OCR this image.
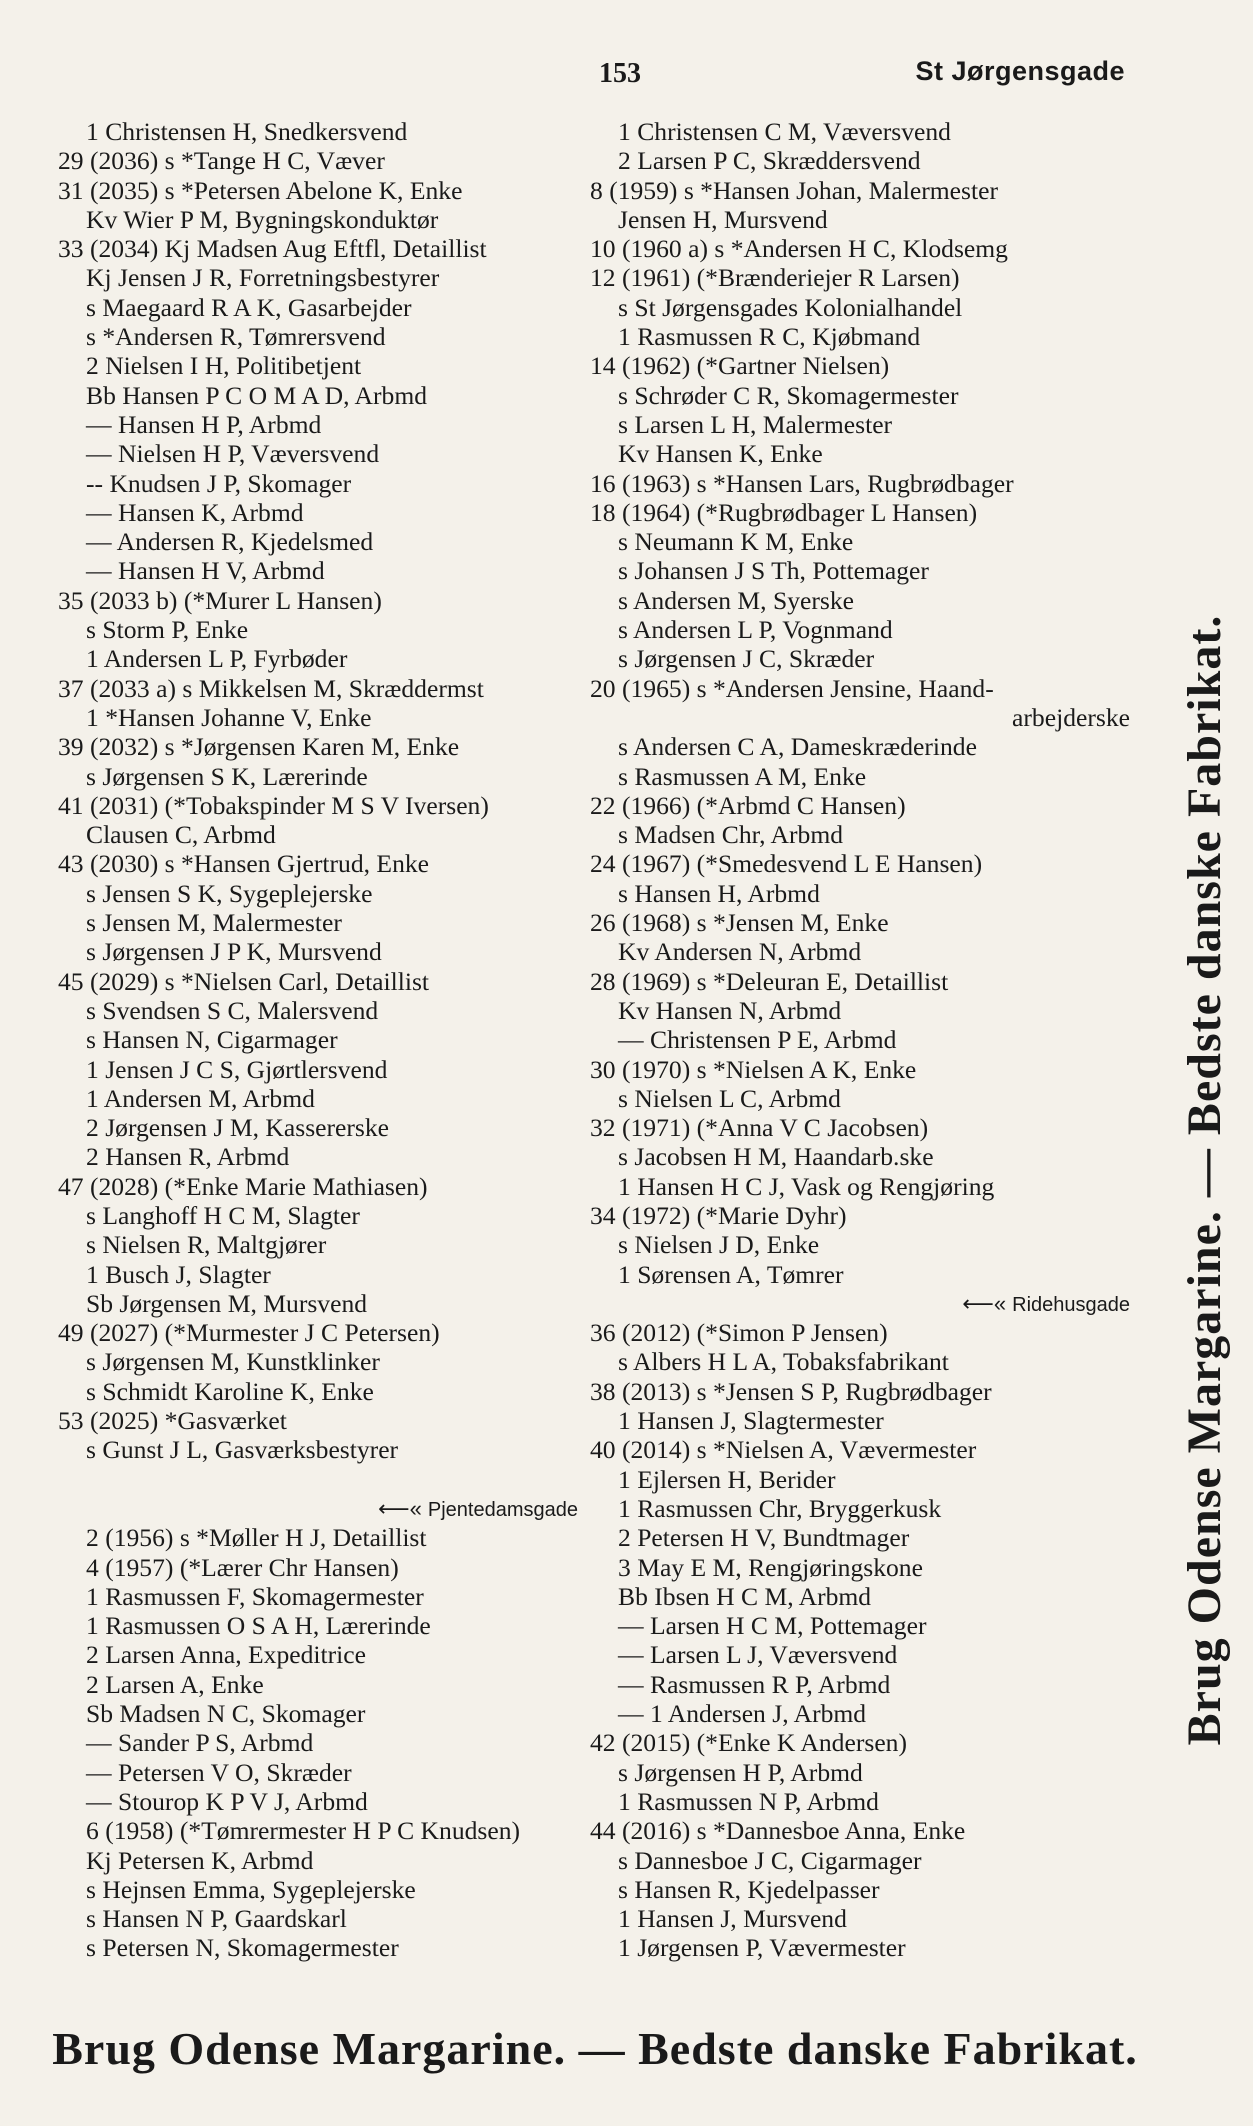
153	St Jørgensgade
1 Christensen H, Snedkersvend
29 (2036) s *Tange H C, Væver
31 (2035) s *Petersen Abelone K, Enke
Kv Wier P M, Bygningskonduktør
33 (2034) Kj Madsen Aug Eftfl, Detaillist
Kj Jensen J R, Forretningsbestyrer
s Maegaard R A K, Gasarbejder
s *Andersen R, Tømrersvend
2 Nielsen I H, Politibetjent
Bb Hansen P C O M A D, Arbmd
— Hansen H P, Arbmd
— Nielsen H P, Væversvend
-- Knudsen J P, Skomager
— Hansen K, Arbmd
— Andersen R, Kjedelsmed
— Hansen H V, Arbmd
35 (2033 b) (*Murer L Hansen)
s Storm P, Enke
1 Andersen L P, Fyrbøder
37 (2033 a) s Mikkelsen M, Skræddermst
1 *Hansen Johanne V, Enke
39 (2032) s *Jørgensen Karen M, Enke
s Jørgensen S K, Lærerinde
41 (2031) (*Tobakspinder M S V Iversen)
Clausen C, Arbmd
43 (2030) s *Hansen Gjertrud, Enke
s Jensen S K, Sygeplejerske
s Jensen M, Malermester
s Jørgensen J P K, Mursvend
45 (2029) s *Nielsen Carl, Detaillist
s Svendsen S C, Malersvend
s Hansen N, Cigarmager
1 Jensen J C S, Gjørtlersvend
1 Andersen M, Arbmd
2 Jørgensen J M, Kassererske
2 Hansen R, Arbmd
47 (2028) (*Enke Marie Mathiasen)
s Langhoff H C M, Slagter
s Nielsen R, Maltgjører
1 Busch J, Slagter
Sb Jørgensen M, Mursvend
49 (2027) (*Murmester J C Petersen)
s Jørgensen M, Kunstklinker
s Schmidt Karoline K, Enke
53 (2025) *Gasværket
s Gunst J L, Gasværksbestyrer
⟵« Pjentedamsgade
2 (1956) s *Møller H J, Detaillist
4 (1957) (*Lærer Chr Hansen)
1 Rasmussen F, Skomagermester
1 Rasmussen O S A H, Lærerinde
2 Larsen Anna, Expeditrice
2 Larsen A, Enke
Sb Madsen N C, Skomager
— Sander P S, Arbmd
— Petersen V O, Skræder
— Stourop K P V J, Arbmd
6 (1958) (*Tømrermester H P C Knudsen)
Kj Petersen K, Arbmd
s Hejnsen Emma, Sygeplejerske
s Hansen N P, Gaardskarl
s Petersen N, Skomagermester
1 Christensen C M, Væversvend
2 Larsen P C, Skræddersvend
8 (1959) s *Hansen Johan, Malermester
Jensen H, Mursvend
10 (1960 a) s *Andersen H C, Klodsemg
12 (1961) (*Brænderiejer R Larsen)
s St Jørgensgades Kolonialhandel
1 Rasmussen R C, Kjøbmand
14 (1962) (*Gartner Nielsen)
s Schrøder C R, Skomagermester
s Larsen L H, Malermester
Kv Hansen K, Enke
16 (1963) s *Hansen Lars, Rugbrødbager
18 (1964) (*Rugbrødbager L Hansen)
s Neumann K M, Enke
s Johansen J S Th, Pottemager
s Andersen M, Syerske
s Andersen L P, Vognmand
s Jørgensen J C, Skræder
20 (1965) s *Andersen Jensine, Haand-
arbejderske
s Andersen C A, Dameskræderinde
s Rasmussen A M, Enke
22 (1966) (*Arbmd C Hansen)
s Madsen Chr, Arbmd
24 (1967) (*Smedesvend L E Hansen)
s Hansen H, Arbmd
26 (1968) s *Jensen M, Enke
Kv Andersen N, Arbmd
28 (1969) s *Deleuran E, Detaillist
Kv Hansen N, Arbmd
— Christensen P E, Arbmd
30 (1970) s *Nielsen A K, Enke
s Nielsen L C, Arbmd
32 (1971) (*Anna V C Jacobsen)
s Jacobsen H M, Haandarb.ske
1 Hansen H C J, Vask og Rengjøring
34 (1972) (*Marie Dyhr)
s Nielsen J D, Enke
1 Sørensen A, Tømrer
⟵« Ridehusgade
36 (2012) (*Simon P Jensen)
s Albers H L A, Tobaksfabrikant
38 (2013) s *Jensen S P, Rugbrødbager
1 Hansen J, Slagtermester
40 (2014) s *Nielsen A, Vævermester
1 Ejlersen H, Berider
1 Rasmussen Chr, Bryggerkusk
2 Petersen H V, Bundtmager
3 May E M, Rengjøringskone
Bb Ibsen H C M, Arbmd
— Larsen H C M, Pottemager
— Larsen L J, Væversvend
— Rasmussen R P, Arbmd
— 1 Andersen J, Arbmd
42 (2015) (*Enke K Andersen)
s Jørgensen H P, Arbmd
1 Rasmussen N P, Arbmd
44 (2016) s *Dannesboe Anna, Enke
s Dannesboe J C, Cigarmager
s Hansen R, Kjedelpasser
1 Hansen J, Mursvend
1 Jørgensen P, Vævermester
Brug Odense Margarine. — Bedste danske Fabrikat.
Brug Odense Margarine. — Bedste danske Fabrikat.
